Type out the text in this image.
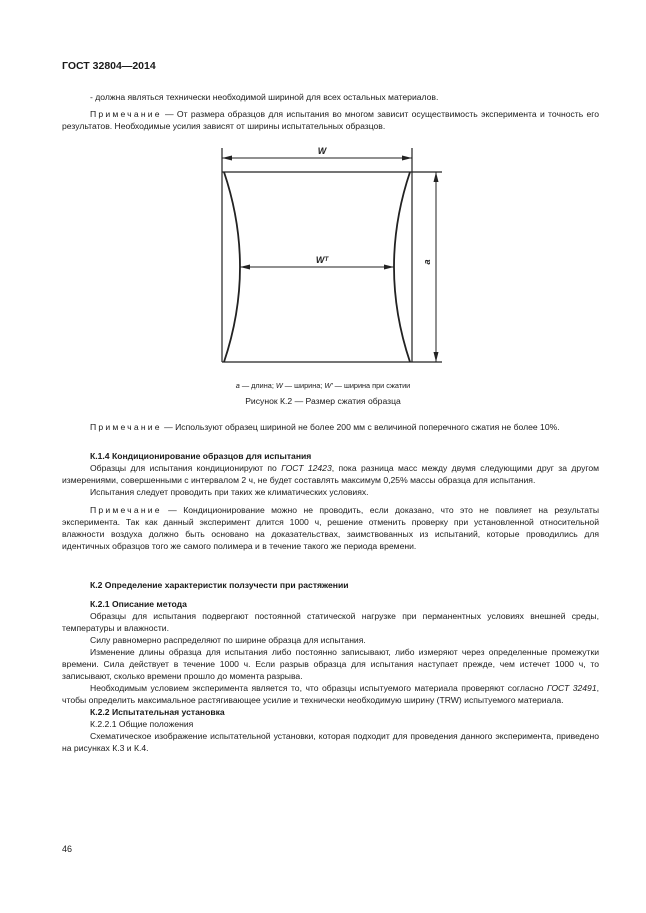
ГОСТ 32804—2014

- должна являться технически необходимой шириной для всех остальных материалов.

Примечание — От размера образцов для испытания во многом зависит осуществимость эксперимента и точность его результатов. Необходимые усилия зависят от ширины испытательных образцов.

W
Wᵀ	a
a — длина; W — ширина; W′ — ширина при сжатии
Рисунок К.2 — Размер сжатия образца

Примечание — Используют образец шириной не более 200 мм с величиной поперечного сжатия не более 10%.

К.1.4 Кондиционирование образцов для испытания

Образцы для испытания кондиционируют по ГОСТ 12423, пока разница масс между двумя следующими друг за другом измерениями, совершенными с интервалом 2 ч, не будет составлять максимум 0,25% массы образца для испытания.

Испытания следует проводить при таких же климатических условиях.

Примечание — Кондиционирование можно не проводить, если доказано, что это не повлияет на результаты эксперимента. Так как данный эксперимент длится 1000 ч, решение отменить проверку при установленной относительной влажности воздуха должно быть основано на доказательствах, заимствованных из испытаний, которые проводились для идентичных образцов того же самого полимера и в течение такого же периода времени.

К.2 Определение характеристик ползучести при растяжении

К.2.1 Описание метода

Образцы для испытания подвергают постоянной статической нагрузке при перманентных условиях внешней среды, температуры и влажности.

Силу равномерно распределяют по ширине образца для испытания.

Изменение длины образца для испытания либо постоянно записывают, либо измеряют через определенные промежутки времени. Сила действует в течение 1000 ч. Если разрыв образца для испытания наступает прежде, чем истечет 1000 ч, то записывают, сколько времени прошло до момента разрыва.

Необходимым условием эксперимента является то, что образцы испытуемого материала проверяют согласно ГОСТ 32491, чтобы определить максимальное растягивающее усилие и технически необходимую ширину (TRW) испытуемого материала.

К.2.2 Испытательная установка

К.2.2.1 Общие положения

Схематическое изображение испытательной установки, которая подходит для проведения данного эксперимента, приведено на рисунках К.3 и К.4.

46
